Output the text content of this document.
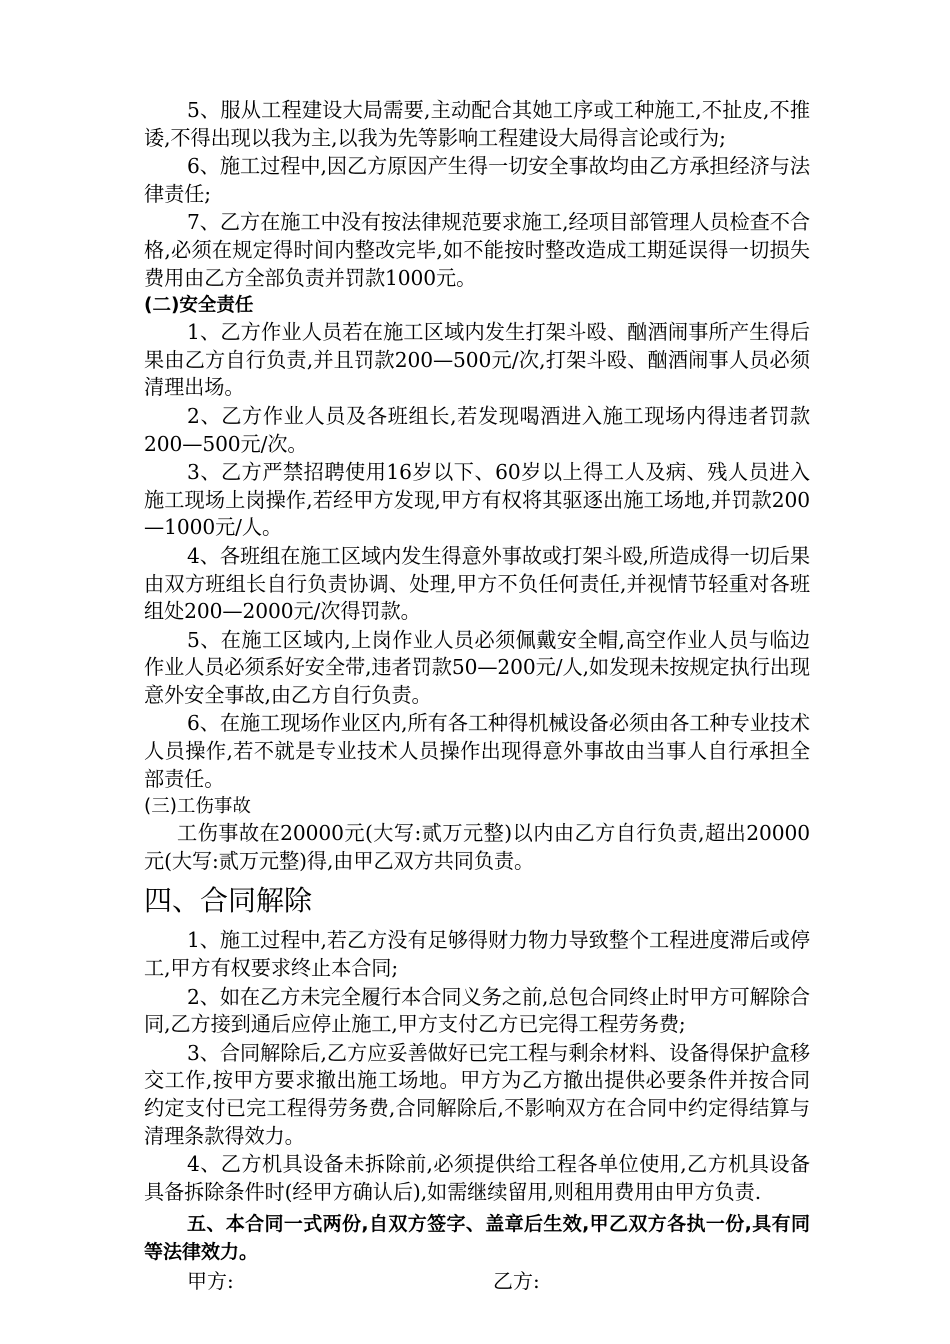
5、服从工程建设大局需要,主动配合其她工序或工种施工,不扯皮,不推诿,不得出现以我为主,以我为先等影响工程建设大局得言论或行为;

6、施工过程中,因乙方原因产生得一切安全事故均由乙方承担经济与法律责任;

7、乙方在施工中没有按法律规范要求施工,经项目部管理人员检查不合格,必须在规定得时间内整改完毕,如不能按时整改造成工期延误得一切损失费用由乙方全部负责并罚款1000元。

(二)安全责任

1、乙方作业人员若在施工区域内发生打架斗殴、酗酒闹事所产生得后果由乙方自行负责,并且罚款200—500元/次,打架斗殴、酗酒闹事人员必须清理出场。

2、乙方作业人员及各班组长,若发现喝酒进入施工现场内得违者罚款200—500元/次。

3、乙方严禁招聘使用16岁以下、60岁以上得工人及病、残人员进入施工现场上岗操作,若经甲方发现,甲方有权将其驱逐出施工场地,并罚款200—1000元/人。

4、各班组在施工区域内发生得意外事故或打架斗殴,所造成得一切后果由双方班组长自行负责协调、处理,甲方不负任何责任,并视情节轻重对各班组处200—2000元/次得罚款。

5、在施工区域内,上岗作业人员必须佩戴安全帽,高空作业人员与临边作业人员必须系好安全带,违者罚款50—200元/人,如发现未按规定执行出现意外安全事故,由乙方自行负责。

6、在施工现场作业区内,所有各工种得机械设备必须由各工种专业技术人员操作,若不就是专业技术人员操作出现得意外事故由当事人自行承担全部责任。

(三)工伤事故

工伤事故在20000元(大写:贰万元整)以内由乙方自行负责,超出20000元(大写:贰万元整)得,由甲乙双方共同负责。

四、合同解除

1、施工过程中,若乙方没有足够得财力物力导致整个工程进度滞后或停工,甲方有权要求终止本合同;

2、如在乙方未完全履行本合同义务之前,总包合同终止时甲方可解除合同,乙方接到通后应停止施工,甲方支付乙方已完得工程劳务费;

3、合同解除后,乙方应妥善做好已完工程与剩余材料、设备得保护盒移交工作,按甲方要求撤出施工场地。甲方为乙方撤出提供必要条件并按合同约定支付已完工程得劳务费,合同解除后,不影响双方在合同中约定得结算与清理条款得效力。

4、乙方机具设备未拆除前,必须提供给工程各单位使用,乙方机具设备具备拆除条件时(经甲方确认后),如需继续留用,则租用费用由甲方负责.

五、本合同一式两份,自双方签字、盖章后生效,甲乙双方各执一份,具有同等法律效力。

甲方:	乙方:
